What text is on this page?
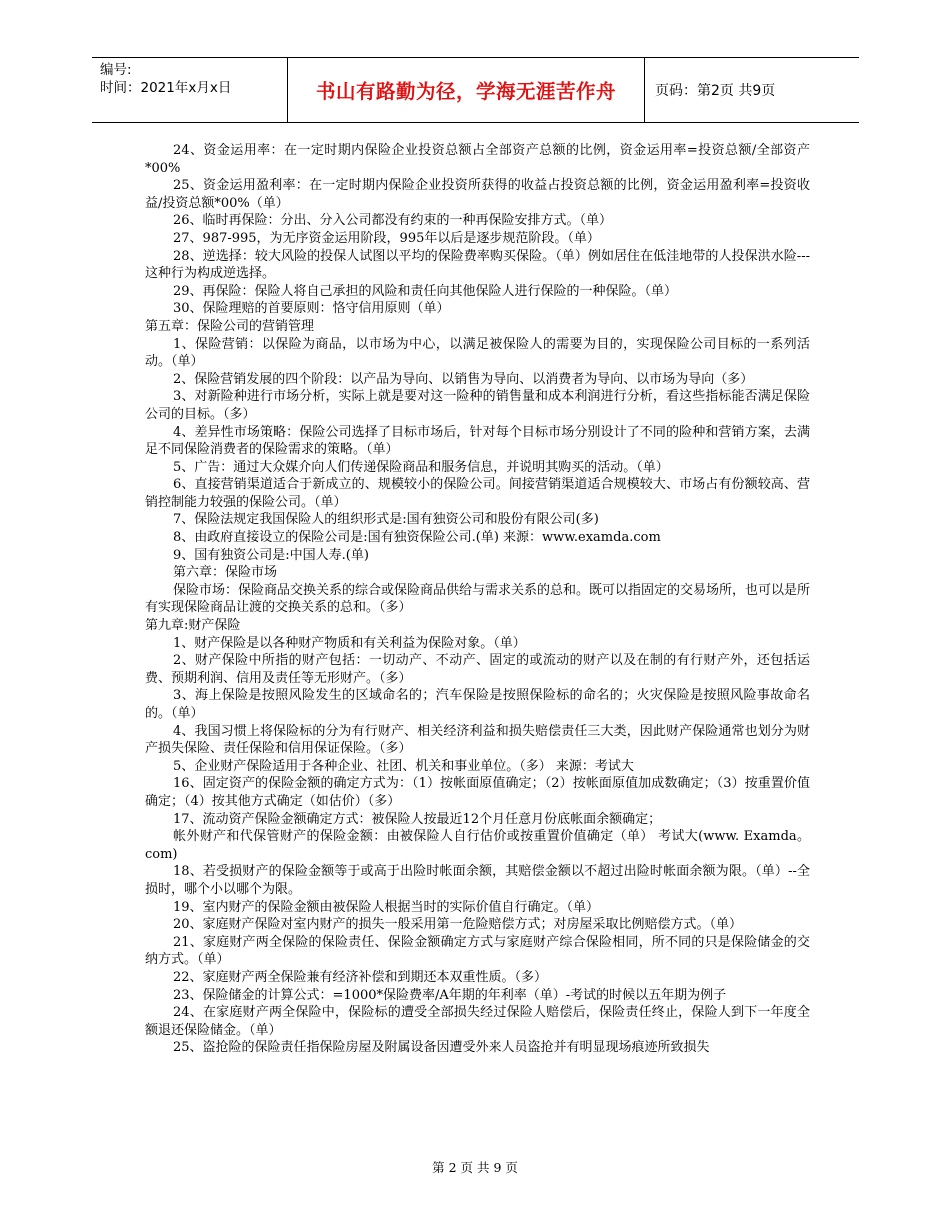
编号:
时间：2021年x月x日	书山有路勤为径，学海无涯苦作舟	页码：第2页 共9页

24、资金运用率：在一定时期内保险企业投资总额占全部资产总额的比例，资金运用率=投资总额/全部资产*00%

25、资金运用盈利率：在一定时期内保险企业投资所获得的收益占投资总额的比例，资金运用盈利率=投资收益/投资总额*00%（单）

26、临时再保险：分出、分入公司都没有约束的一种再保险安排方式。（单）

27、987-995，为无序资金运用阶段，995年以后是逐步规范阶段。（单）

28、逆选择：较大风险的投保人试图以平均的保险费率购买保险。（单）例如居住在低洼地带的人投保洪水险---这种行为构成逆选择。

29、再保险：保险人将自己承担的风险和责任向其他保险人进行保险的一种保险。（单）

30、保险理赔的首要原则：恪守信用原则（单）

第五章：保险公司的营销管理

1、保险营销：以保险为商品，以市场为中心，以满足被保险人的需要为目的，实现保险公司目标的一系列活动。（单）

2、保险营销发展的四个阶段：以产品为导向、以销售为导向、以消费者为导向、以市场为导向（多）

3、对新险种进行市场分析，实际上就是要对这一险种的销售量和成本利润进行分析，看这些指标能否满足保险公司的目标。（多）

4、差异性市场策略：保险公司选择了目标市场后，针对每个目标市场分别设计了不同的险种和营销方案，去满足不同保险消费者的保险需求的策略。（单）

5、广告：通过大众媒介向人们传递保险商品和服务信息，并说明其购买的活动。（单）

6、直接营销渠道适合于新成立的、规模较小的保险公司。间接营销渠道适合规模较大、市场占有份额较高、营销控制能力较强的保险公司。（单）

7、保险法规定我国保险人的组织形式是:国有独资公司和股份有限公司(多)

8、由政府直接设立的保险公司是:国有独资保险公司.(单) 来源：www.examda.com

9、国有独资公司是:中国人寿.(单)

第六章：保险市场

保险市场：保险商品交换关系的综合或保险商品供给与需求关系的总和。既可以指固定的交易场所，也可以是所有实现保险商品让渡的交换关系的总和。（多）

第九章:财产保险

1、财产保险是以各种财产物质和有关利益为保险对象。（单）

2、财产保险中所指的财产包括：一切动产、不动产、固定的或流动的财产以及在制的有行财产外，还包括运费、预期利润、信用及责任等无形财产。（多）

3、海上保险是按照风险发生的区域命名的；汽车保险是按照保险标的命名的；火灾保险是按照风险事故命名的。（单）

4、我国习惯上将保险标的分为有行财产、相关经济利益和损失赔偿责任三大类，因此财产保险通常也划分为财产损失保险、责任保险和信用保证保险。（多）

5、企业财产保险适用于各种企业、社团、机关和事业单位。（多） 来源：考试大

16、固定资产的保险金额的确定方式为：（1）按帐面原值确定；（2）按帐面原值加成数确定；（3）按重置价值确定；（4）按其他方式确定（如估价）（多）

17、流动资产保险金额确定方式：被保险人按最近12个月任意月份底帐面余额确定；

帐外财产和代保管财产的保险金额：由被保险人自行估价或按重置价值确定（单） 考试大(www. Examda。com)

18、若受损财产的保险金额等于或高于出险时帐面余额，其赔偿金额以不超过出险时帐面余额为限。（单）--全损时，哪个小以哪个为限。

19、室内财产的保险金额由被保险人根据当时的实际价值自行确定。（单）

20、家庭财产保险对室内财产的损失一般采用第一危险赔偿方式；对房屋采取比例赔偿方式。（单）

21、家庭财产两全保险的保险责任、保险金额确定方式与家庭财产综合保险相同，所不同的只是保险储金的交纳方式。（单）

22、家庭财产两全保险兼有经济补偿和到期还本双重性质。（多）

23、保险储金的计算公式：=1000*保险费率/A年期的年利率（单）-考试的时候以五年期为例子

24、在家庭财产两全保险中，保险标的遭受全部损失经过保险人赔偿后，保险责任终止，保险人到下一年度全额退还保险储金。（单）

25、盗抢险的保险责任指保险房屋及附属设备因遭受外来人员盗抢并有明显现场痕迹所致损失

第 2 页 共 9 页
